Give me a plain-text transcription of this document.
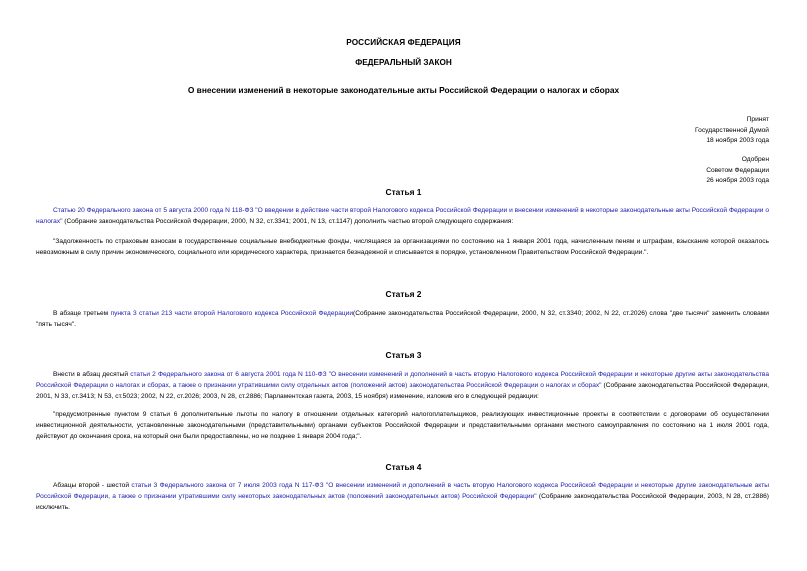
РОССИЙСКАЯ ФЕДЕРАЦИЯ
ФЕДЕРАЛЬНЫЙ ЗАКОН
О внесении изменений в некоторые законодательные акты Российской Федерации о налогах и сборах
Принят
Государственной Думой
18 ноября 2003 года
Одобрен
Советом Федерации
26 ноября 2003 года
Статья 1

Статью 20 Федерального закона от 5 августа 2000 года N 118-ФЗ "О введении в действие части второй Налогового кодекса Российской Федерации и внесении изменений в некоторые законодательные акты Российской Федерации о налогах" (Собрание законодательства Российской Федерации, 2000, N 32, ст.3341; 2001, N 13, ст.1147) дополнить частью второй следующего содержания:

"Задолженность по страховым взносам в государственные социальные внебюджетные фонды, числящаяся за организациями по состоянию на 1 января 2001 года, начисленным пеням и штрафам, взыскание которой оказалось невозможным в силу причин экономического, социального или юридического характера, признается безнадежной и списывается в порядке, установленном Правительством Российской Федерации.".

Статья 2

В абзаце третьем пункта 3 статьи 213 части второй Налогового кодекса Российской Федерации(Собрание законодательства Российской Федерации, 2000, N 32, ст.3340; 2002, N 22, ст.2026) слова "две тысячи" заменить словами "пять тысяч".

Статья 3

Внести в абзац десятый статьи 2 Федерального закона от 6 августа 2001 года N 110-ФЗ "О внесении изменений и дополнений в часть вторую Налогового кодекса Российской Федерации и некоторые другие акты законодательства Российской Федерации о налогах и сборах, а также о признании утратившими силу отдельных актов (положений актов) законодательства Российской Федерации о налогах и сборах" (Собрание законодательства Российской Федерации, 2001, N 33, ст.3413; N 53, ст.5023; 2002, N 22, ст.2026; 2003, N 28, ст.2886; Парламентская газета, 2003, 15 ноября) изменение, изложив его в следующей редакции:

"предусмотренные пунктом 9 статьи 6 дополнительные льготы по налогу в отношении отдельных категорий налогоплательщиков, реализующих инвестиционные проекты в соответствии с договорами об осуществлении инвестиционной деятельности, установленные законодательными (представительными) органами субъектов Российской Федерации и представительными органами местного самоуправления по состоянию на 1 июля 2001 года, действуют до окончания срока, на который они были предоставлены, но не позднее 1 января 2004 года;".

Статья 4

Абзацы второй - шестой статьи 3 Федерального закона от 7 июля 2003 года N 117-ФЗ "О внесении изменений и дополнений в часть вторую Налогового кодекса Российской Федерации и некоторые другие законодательные акты Российской Федерации, а также о признании утратившими силу некоторых законодательных актов (положений законодательных актов) Российской Федерации" (Собрание законодательства Российской Федерации, 2003, N 28, ст.2886) исключить.
